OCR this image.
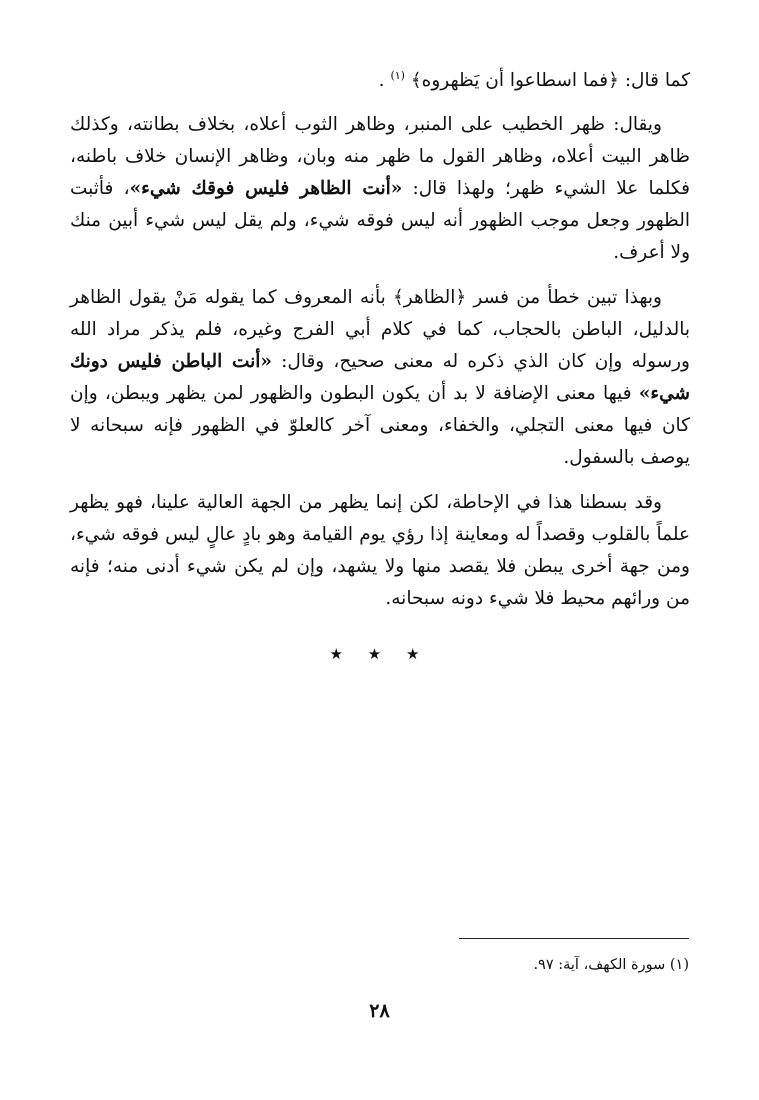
كما قال: ﴿فما اسطاعوا أن يَظهروه﴾ $^{(١)}$ .

ويقال: ظهر الخطيب على المنبر، وظاهر الثوب أعلاه، بخلاف بطانته، وكذلك ظاهر البيت أعلاه، وظاهر القول ما ظهر منه وبان، وظاهر الإنسان خلاف باطنه، فكلما علا الشيء ظهر؛ ولهذا قال: «أنت الظاهر فليس فوقك شيء»، فأثبت الظهور وجعل موجب الظهور أنه ليس فوقه شيء، ولم يقل ليس شيء أبين منك ولا أعرف.

وبهذا تبين خطأ من فسر ﴿الظاهر﴾ بأنه المعروف كما يقوله مَنْ يقول الظاهر بالدليل، الباطن بالحجاب، كما في كلام أبي الفرج وغيره، فلم يذكر مراد الله ورسوله وإن كان الذي ذكره له معنى صحيح، وقال: «أنت الباطن فليس دونك شيء» فيها معنى الإضافة لا بد أن يكون البطون والظهور لمن يظهر ويبطن، وإن كان فيها معنى التجلي، والخفاء، ومعنى آخر كالعلوّ في الظهور فإنه سبحانه لا يوصف بالسفول.

وقد بسطنا هذا في الإحاطة، لكن إنما يظهر من الجهة العالية علينا، فهو يظهر علماً بالقلوب وقصداً له ومعاينة إذا رؤي يوم القيامة وهو بادٍ عالٍ ليس فوقه شيء، ومن جهة أخرى يبطن فلا يقصد منها ولا يشهد، وإن لم يكن شيء أدنى منه؛ فإنه من ورائهم محيط فلا شيء دونه سبحانه.

★ ★ ★
(١) سورة الكهف، آية: ٩٧.
٢٨
